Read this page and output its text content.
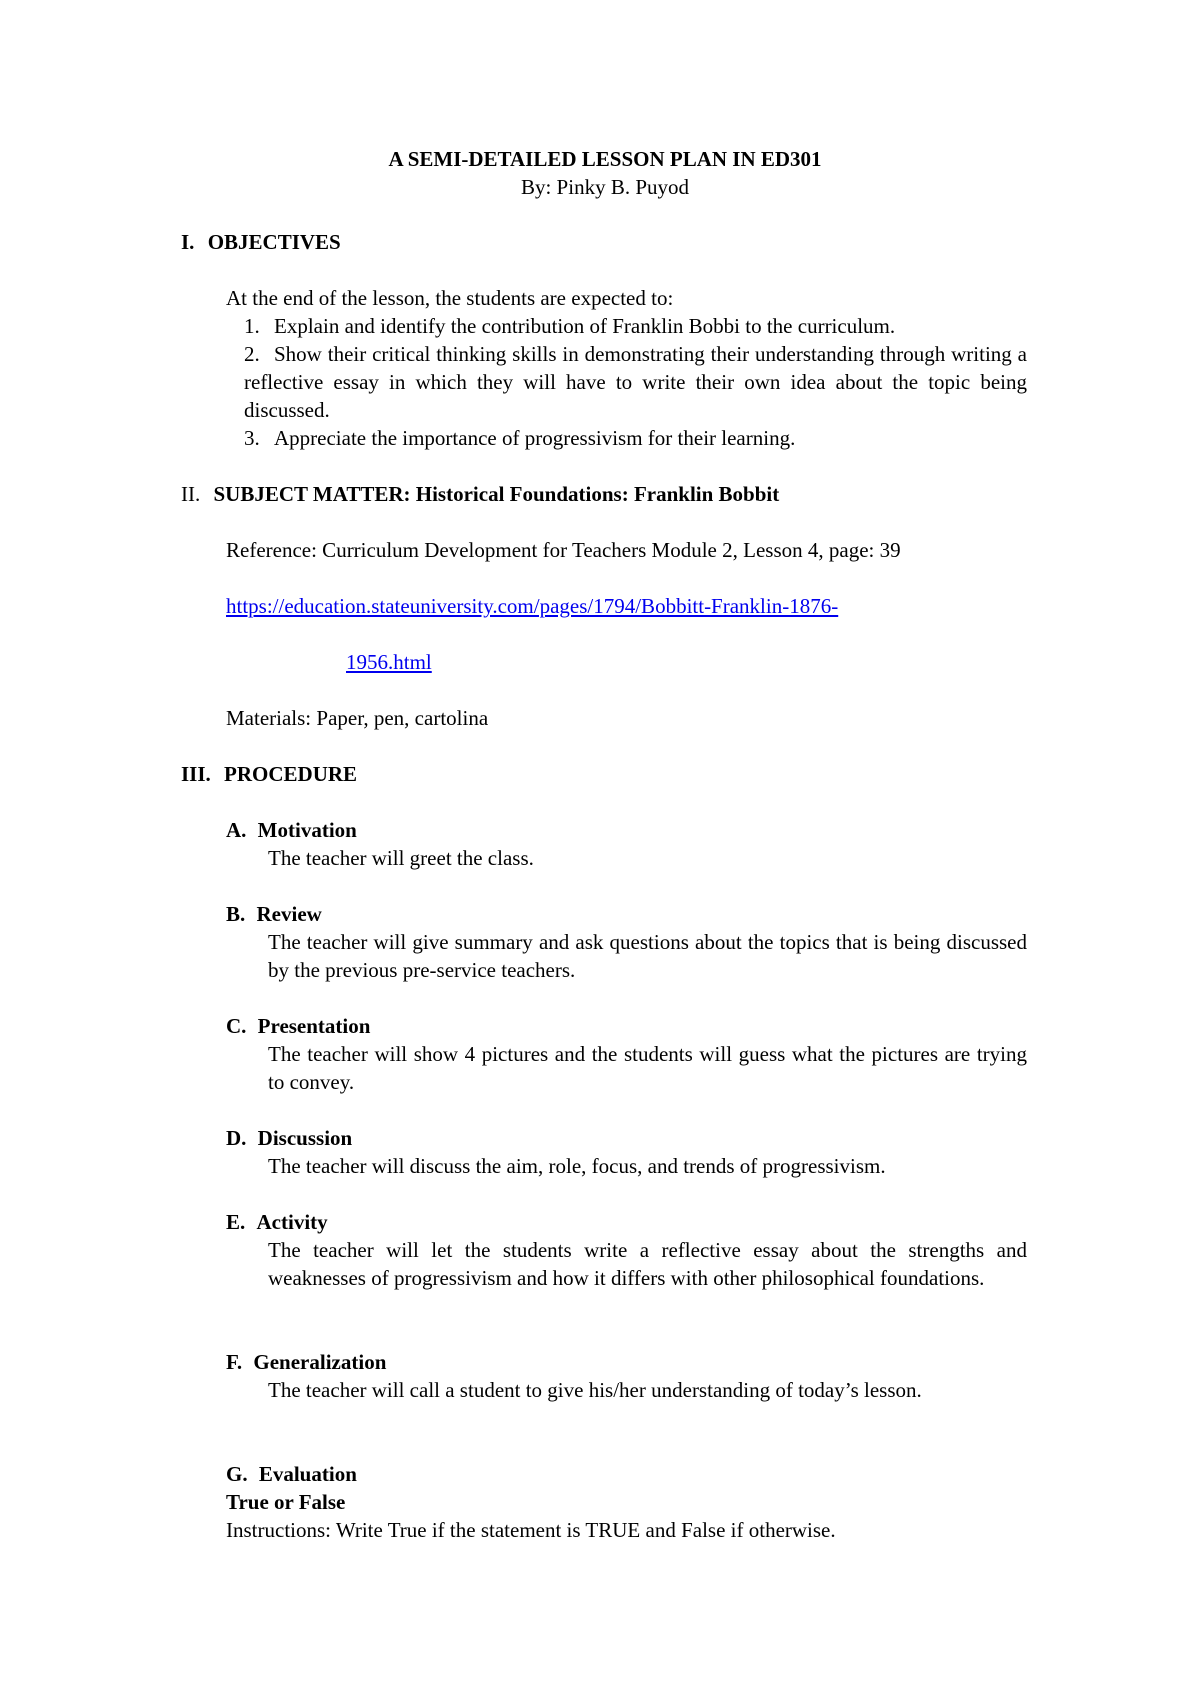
A SEMI-DETAILED LESSON PLAN IN ED301
By: Pinky B. Puyod
I. OBJECTIVES
At the end of the lesson, the students are expected to:
1. Explain and identify the contribution of Franklin Bobbi to the curriculum.
2. Show their critical thinking skills in demonstrating their understanding through writing a reflective essay in which they will have to write their own idea about the topic being discussed.
3. Appreciate the importance of progressivism for their learning.
II. SUBJECT MATTER: Historical Foundations: Franklin Bobbit
Reference: Curriculum Development for Teachers Module 2, Lesson 4, page: 39
https://education.stateuniversity.com/pages/1794/Bobbitt-Franklin-1876-
1956.html
Materials: Paper, pen, cartolina
III. PROCEDURE
A. Motivation
The teacher will greet the class.
B. Review
The teacher will give summary and ask questions about the topics that is being discussed by the previous pre-service teachers.
C. Presentation
The teacher will show 4 pictures and the students will guess what the pictures are trying to convey.
D. Discussion
The teacher will discuss the aim, role, focus, and trends of progressivism.
E. Activity
The teacher will let the students write a reflective essay about the strengths and weaknesses of progressivism and how it differs with other philosophical foundations.
F. Generalization
The teacher will call a student to give his/her understanding of today’s lesson.
G. Evaluation
True or False
Instructions: Write True if the statement is TRUE and False if otherwise.
